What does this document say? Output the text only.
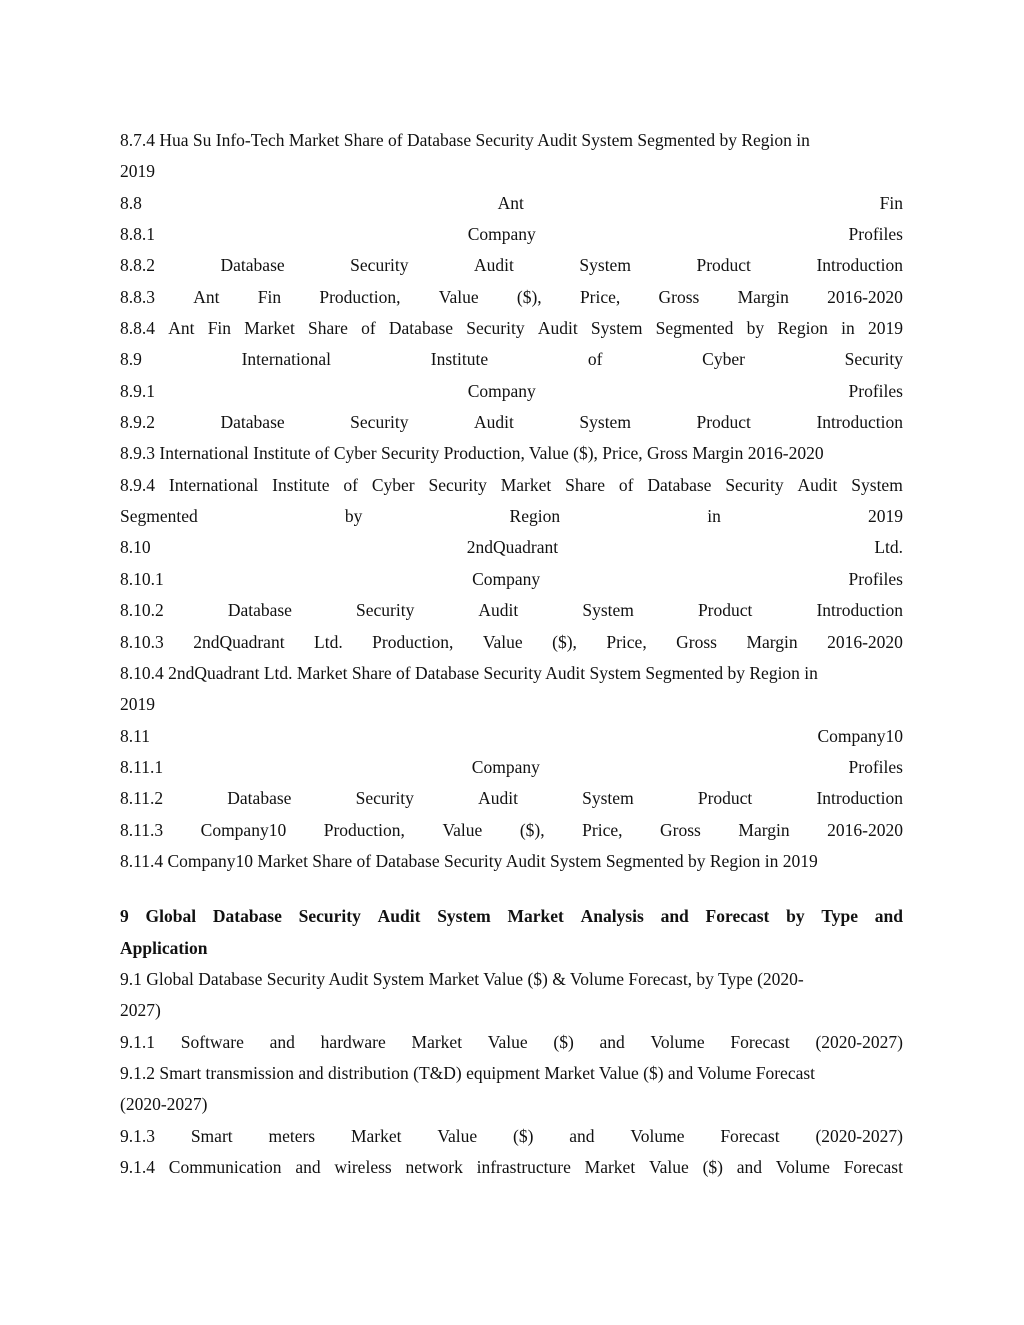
8.7.4 Hua Su Info-Tech Market Share of Database Security Audit System Segmented by Region in
2019
8.8	Ant	Fin
8.8.1	Company	Profiles
8.8.2	Database	Security	Audit	System	Product	Introduction
8.8.3 Ant Fin Production, Value ($), Price, Gross Margin 2016-2020
8.8.4 Ant Fin Market Share of Database Security Audit System Segmented by Region in 2019
8.9	International	Institute	of	Cyber	Security
8.9.1	Company	Profiles
8.9.2	Database	Security	Audit	System	Product	Introduction
8.9.3 International Institute of Cyber Security Production, Value ($), Price, Gross Margin 2016-2020
8.9.4 International Institute of Cyber Security Market Share of Database Security Audit System
Segmented	by	Region	in	2019
8.10	2ndQuadrant	Ltd.
8.10.1	Company	Profiles
8.10.2	Database	Security	Audit	System	Product	Introduction
8.10.3 2ndQuadrant Ltd. Production, Value ($), Price, Gross Margin 2016-2020
8.10.4 2ndQuadrant Ltd. Market Share of Database Security Audit System Segmented by Region in
2019
8.11	Company10
8.11.1	Company	Profiles
8.11.2	Database	Security	Audit	System	Product	Introduction
8.11.3 Company10 Production, Value ($), Price, Gross Margin 2016-2020
8.11.4 Company10 Market Share of Database Security Audit System Segmented by Region in 2019
9 Global Database Security Audit System Market Analysis and Forecast by Type and
Application
9.1 Global Database Security Audit System Market Value ($) & Volume Forecast, by Type (2020-
2027)
9.1.1 Software and hardware Market Value ($) and Volume Forecast (2020-2027)
9.1.2 Smart transmission and distribution (T&D) equipment Market Value ($) and Volume Forecast
(2020-2027)
9.1.3 Smart meters Market Value ($) and Volume Forecast (2020-2027)
9.1.4 Communication and wireless network infrastructure Market Value ($) and Volume Forecast
